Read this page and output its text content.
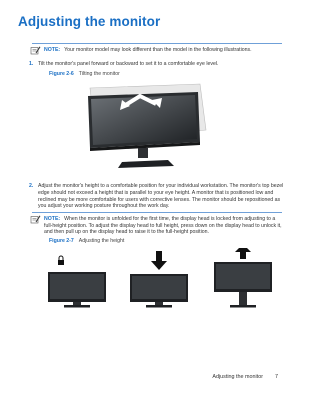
Adjusting the monitor
NOTE: Your monitor model may look different than the model in the following illustrations.
1. Tilt the monitor's panel forward or backward to set it to a comfortable eye level.
Figure 2-6 Tilting the monitor
2. Adjust the monitor's height to a comfortable position for your individual workstation. The monitor's top bezel edge should not exceed a height that is parallel to your eye height. A monitor that is positioned low and reclined may be more comfortable for users with corrective lenses. The monitor should be repositioned as you adjust your working posture throughout the work day.
NOTE: When the monitor is unfolded for the first time, the display head is locked from adjusting to a full-height position. To adjust the display head to full height, press down on the display head to unlock it, and then pull up on the display head to raise it to the full-height position.
Figure 2-7 Adjusting the height
Adjusting the monitor 7
